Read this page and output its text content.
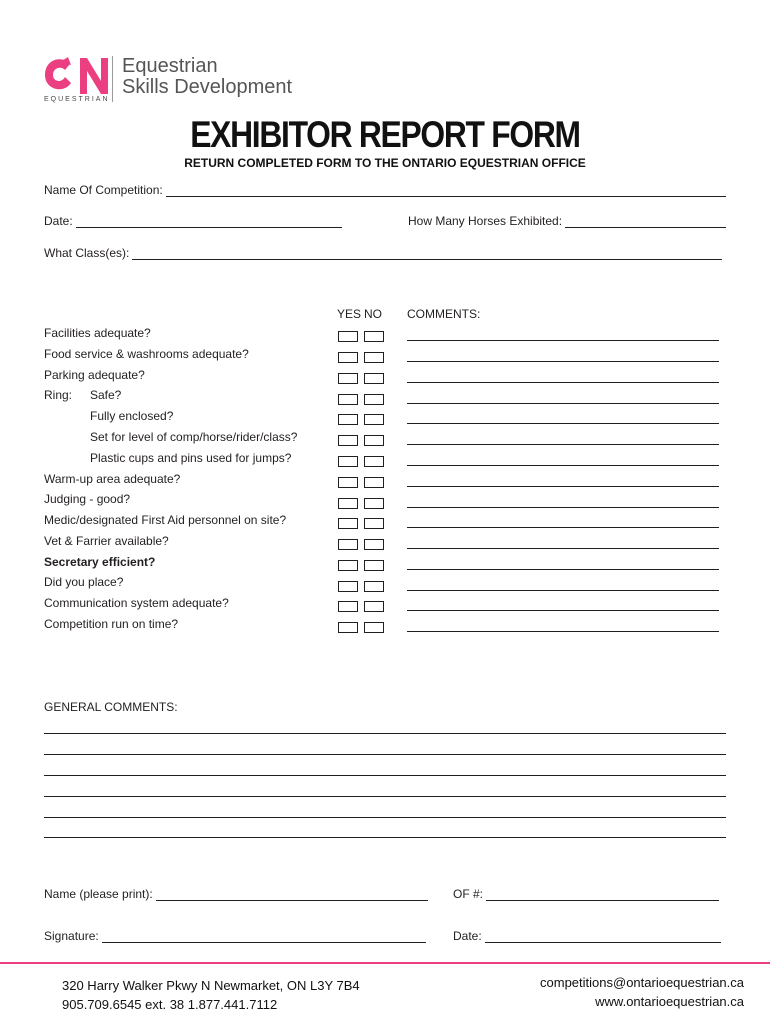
EQUESTRIAN
Equestrian
Skills Development
EXHIBITOR REPORT FORM
RETURN COMPLETED FORM TO THE ONTARIO EQUESTRIAN OFFICE
Name Of Competition:
Date:	How Many Horses Exhibited:
What Class(es):
YES NO COMMENTS:
Facilities adequate?
Food service & washrooms adequate?
Parking adequate?
Ring: Safe?
Fully enclosed?
Set for level of comp/horse/rider/class?
Plastic cups and pins used for jumps?
Warm-up area adequate?
Judging - good?
Medic/designated First Aid personnel on site?
Vet & Farrier available?
Secretary efficient?
Did you place?
Communication system adequate?
Competition run on time?
GENERAL COMMENTS:
Name (please print):	OF #:
Signature:	Date:
320 Harry Walker Pkwy N Newmarket, ON L3Y 7B4
905.709.6545 ext. 38 1.877.441.7112
competitions@ontarioequestrian.ca
www.ontarioequestrian.ca
